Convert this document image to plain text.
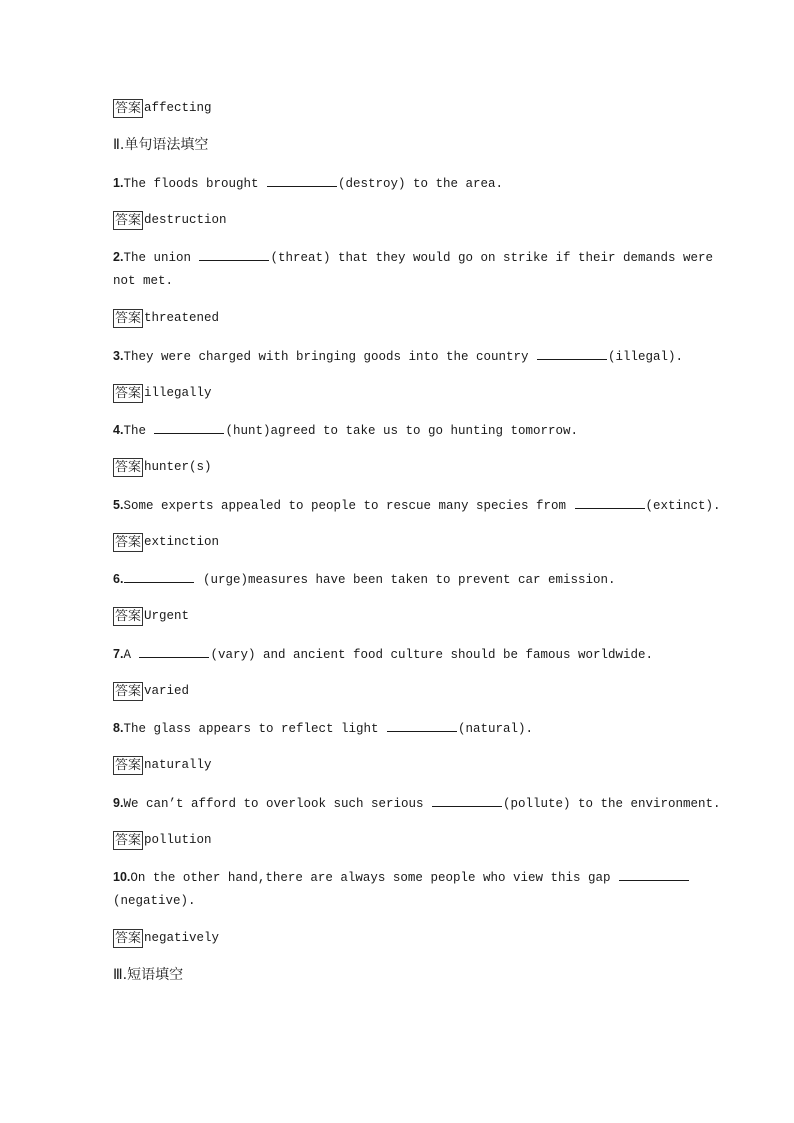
答案 affecting
Ⅱ.单句语法填空
1.The floods brought	(destroy) to the area.
答案 destruction
2.The union	(threat) that they would go on strike if their demands were
not met.
答案 threatened
3.They were charged with bringing goods into the country	(illegal).
答案 illegally
4.The	(hunt)agreed to take us to go hunting tomorrow.
答案 hunter(s)
5.Some experts appealed to people to rescue many species from	(extinct).
答案 extinction
6.	(urge)measures have been taken to prevent car emission.
答案 Urgent
7.A	(vary) and ancient food culture should be famous worldwide.
答案 varied
8.The glass appears to reflect light	(natural).
答案 naturally
9.We can’t afford to overlook such serious	(pollute) to the environment.
答案 pollution
10.On the other hand,there are always some people who view this gap
(negative).
答案 negatively
Ⅲ.短语填空
